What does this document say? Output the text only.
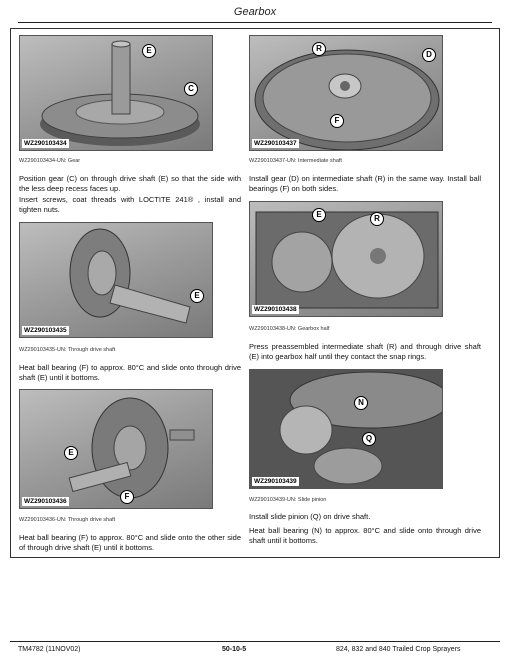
Gearbox
E
C
WZ290103434
WZ290103434-UN: Gear
Position gear (C) on through drive shaft (E) so that the side with the less deep recess faces up.
Insert screws, coat threads with LOCTITE 241® , install and tighten nuts.
E
WZ290103435
WZ290103435-UN: Through drive shaft
Heat ball bearing (F) to approx. 80°C and slide onto through drive shaft (E) until it bottoms.
E
F
WZ290103436
WZ290103436-UN: Through drive shaft
Heat ball bearing (F) to approx. 80°C and slide onto the other side of through drive shaft (E) until it bottoms.
R
D
F
WZ290103437
WZ290103437-UN: Intermediate shaft
Install gear (D) on intermediate shaft (R) in the same way. Install ball bearings (F) on both sides.
E	R
WZ290103438
WZ290103438-UN: Gearbox half
Press preassembled intermediate shaft (R) and through drive shaft (E) into gearbox half until they contact the snap rings.
N
Q
WZ290103439
WZ290103439-UN: Slide pinion
Install slide pinion (Q) on drive shaft.
Heat ball bearing (N) to approx. 80°C and slide onto through drive shaft until it bottoms.
TM4782 (11NOV02)	50-10-5	824, 832 and 840 Trailed Crop Sprayers
